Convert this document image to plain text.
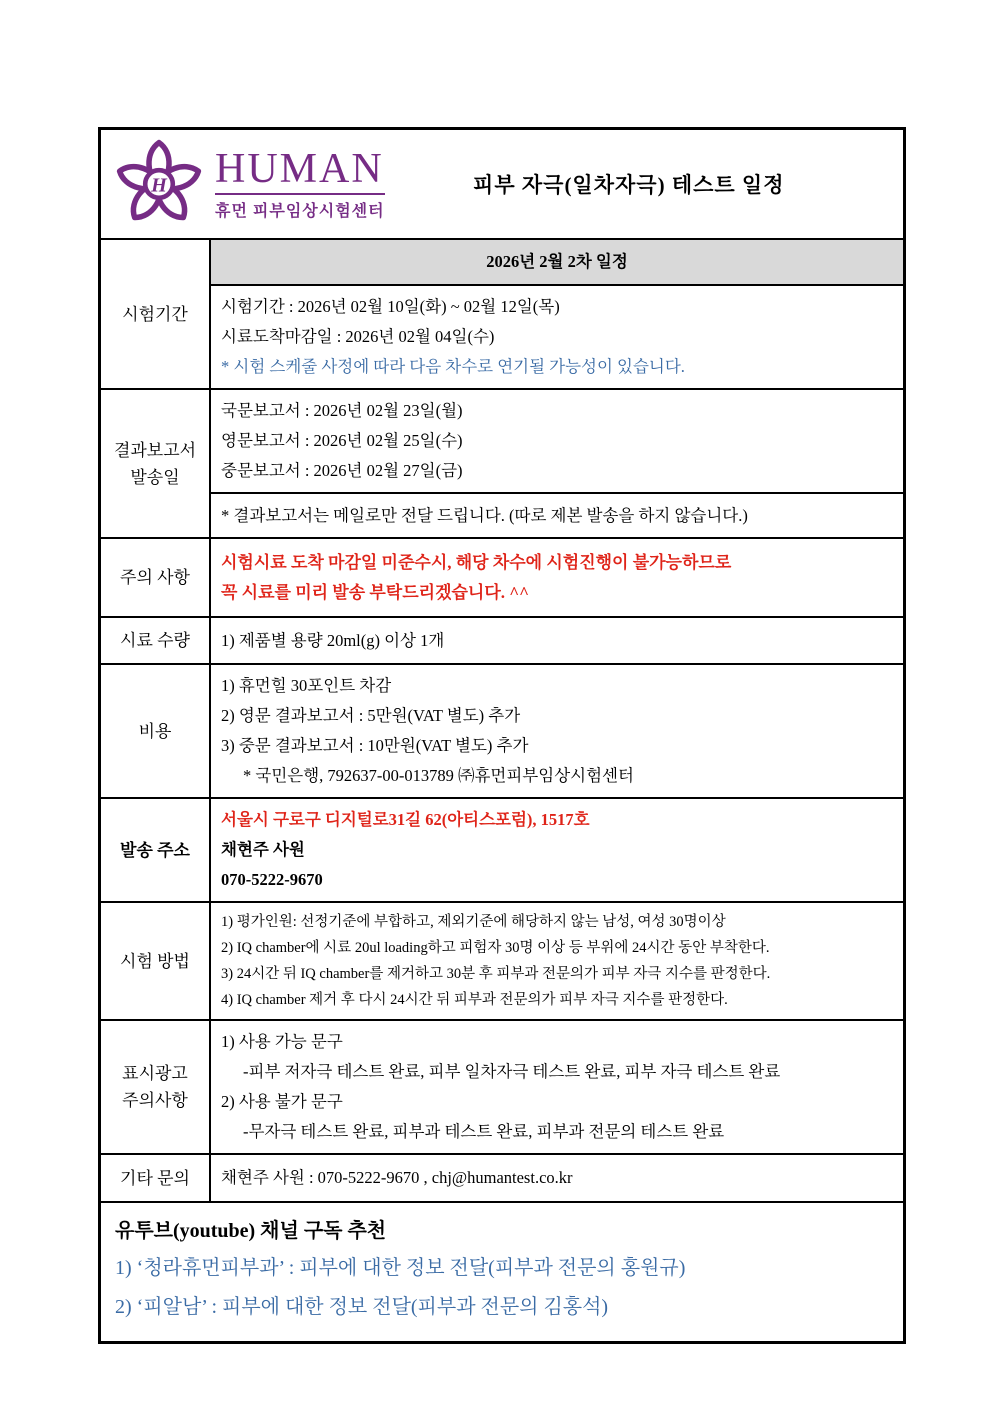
H HUMAN
휴먼 피부임상시험센터
피부 자극(일차자극) 테스트 일정
시험기간
2026년 2월 2차 일정
시험기간 : 2026년 02월 10일(화) ~ 02월 12일(목)
시료도착마감일 : 2026년 02월 04일(수)
* 시험 스케줄 사정에 따라 다음 차수로 연기될 가능성이 있습니다.
결과보고서
발송일
국문보고서 : 2026년 02월 23일(월)
영문보고서 : 2026년 02월 25일(수)
중문보고서 : 2026년 02월 27일(금)
* 결과보고서는 메일로만 전달 드립니다. (따로 제본 발송을 하지 않습니다.)
주의 사항
시험시료 도착 마감일 미준수시, 해당 차수에 시험진행이 불가능하므로
꼭 시료를 미리 발송 부탁드리겠습니다. ^^
시료 수량 1) 제품별 용량 20ml(g) 이상 1개
비용
1) 휴먼힐 30포인트 차감
2) 영문 결과보고서 : 5만원(VAT 별도) 추가
3) 중문 결과보고서 : 10만원(VAT 별도) 추가
* 국민은행, 792637-00-013789 ㈜휴먼피부임상시험센터
발송 주소
서울시 구로구 디지털로31길 62(아티스포럼), 1517호
채현주 사원
070-5222-9670
시험 방법
1) 평가인원: 선정기준에 부합하고, 제외기준에 해당하지 않는 남성, 여성 30명이상
2) IQ chamber에 시료 20ul loading하고 피험자 30명 이상 등 부위에 24시간 동안 부착한다.
3) 24시간 뒤 IQ chamber를 제거하고 30분 후 피부과 전문의가 피부 자극 지수를 판정한다.
4) IQ chamber 제거 후 다시 24시간 뒤 피부과 전문의가 피부 자극 지수를 판정한다.
표시광고
주의사항
1) 사용 가능 문구
-피부 저자극 테스트 완료, 피부 일차자극 테스트 완료, 피부 자극 테스트 완료
2) 사용 불가 문구
-무자극 테스트 완료, 피부과 테스트 완료, 피부과 전문의 테스트 완료
기타 문의 채현주 사원 : 070-5222-9670 , chj@humantest.co.kr
유투브(youtube) 채널 구독 추천
1) ‘청라휴먼피부과’ : 피부에 대한 정보 전달(피부과 전문의 홍원규)
2) ‘피알남’ : 피부에 대한 정보 전달(피부과 전문의 김홍석)
